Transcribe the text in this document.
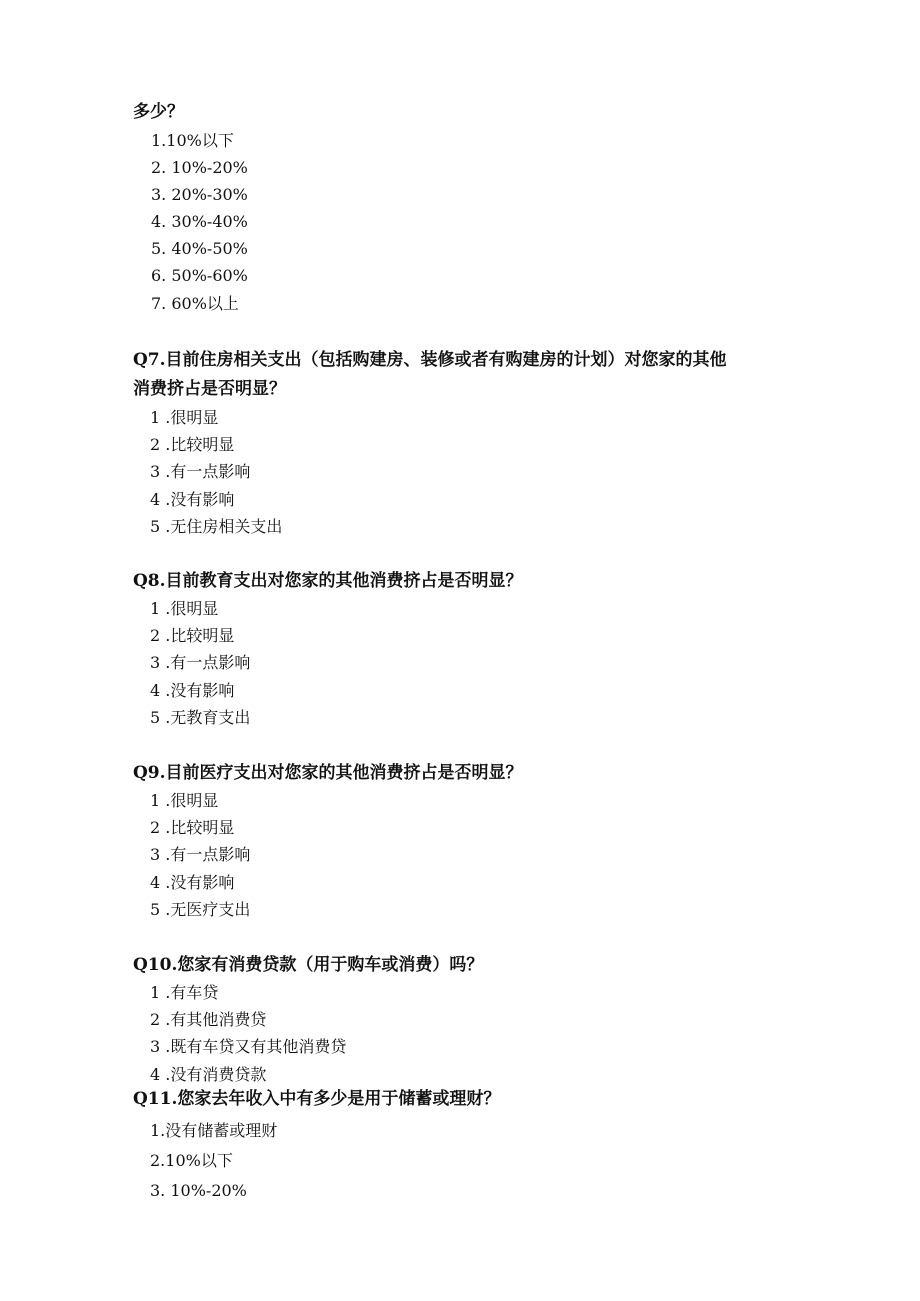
多少？
1.10%以下
2. 10%-20%
3. 20%-30%
4. 30%-40%
5. 40%-50%
6. 50%-60%
7. 60%以上
Q7.目前住房相关支出（包括购建房、装修或者有购建房的计划）对您家的其他
消费挤占是否明显？
1 .很明显
2 .比较明显
3 .有一点影响
4 .没有影响
5 .无住房相关支出
Q8.目前教育支出对您家的其他消费挤占是否明显？
1 .很明显
2 .比较明显
3 .有一点影响
4 .没有影响
5 .无教育支出
Q9.目前医疗支出对您家的其他消费挤占是否明显？
1 .很明显
2 .比较明显
3 .有一点影响
4 .没有影响
5 .无医疗支出
Q10.您家有消费贷款（用于购车或消费）吗？
1 .有车贷
2 .有其他消费贷
3 .既有车贷又有其他消费贷
4 .没有消费贷款
Q11.您家去年收入中有多少是用于储蓄或理财？
1.没有储蓄或理财
2.10%以下
3. 10%-20%
